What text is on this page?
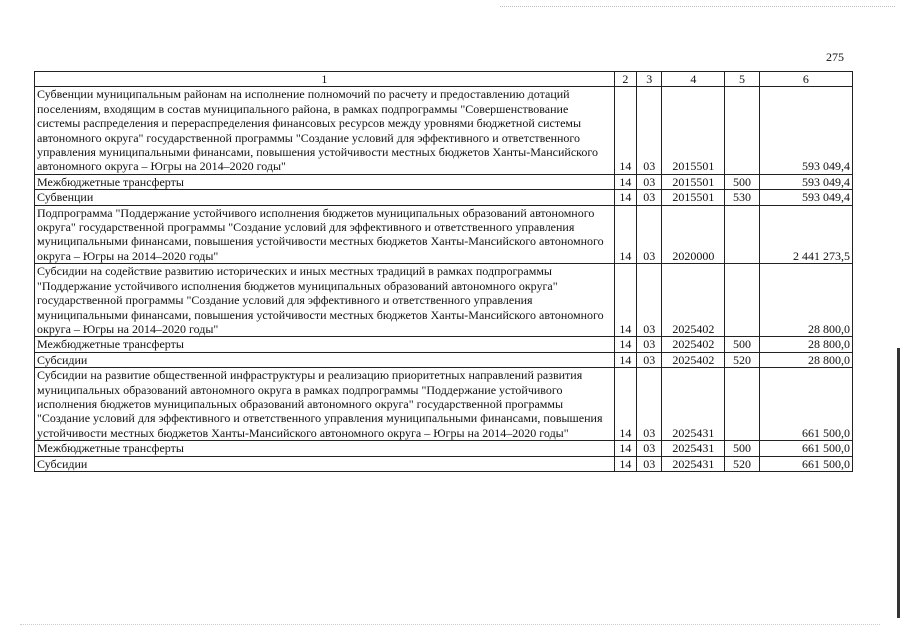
275
1	2	3	4	5	6
Субвенции муниципальным районам на исполнение полномочий по расчету и предоставлению дотаций поселениям, входящим в состав муниципального района, в рамках подпрограммы "Совершенствование системы распределения и перераспределения финансовых ресурсов между уровнями бюджетной системы автономного округа" государственной программы "Создание условий для эффективного и ответственного управления муниципальными финансами, повышения устойчивости местных бюджетов Ханты-Мансийского автономного округа – Югры на 2014–2020 годы"	14	03	2015501		593 049,4
Межбюджетные трансферты	14	03	2015501	500	593 049,4
Субвенции	14	03	2015501	530	593 049,4
Подпрограмма "Поддержание устойчивого исполнения бюджетов муниципальных образований автономного округа" государственной программы "Создание условий для эффективного и ответственного управления муниципальными финансами, повышения устойчивости местных бюджетов Ханты-Мансийского автономного округа – Югры на 2014–2020 годы"	14	03	2020000		2 441 273,5
Субсидии на содействие развитию исторических и иных местных традиций в рамках подпрограммы "Поддержание устойчивого исполнения бюджетов муниципальных образований автономного округа" государственной программы "Создание условий для эффективного и ответственного управления муниципальными финансами, повышения устойчивости местных бюджетов Ханты-Мансийского автономного округа – Югры на 2014–2020 годы"	14	03	2025402		28 800,0
Межбюджетные трансферты	14	03	2025402	500	28 800,0
Субсидии	14	03	2025402	520	28 800,0
Субсидии на развитие общественной инфраструктуры и реализацию приоритетных направлений развития муниципальных образований автономного округа в рамках подпрограммы "Поддержание устойчивого исполнения бюджетов муниципальных образований автономного округа" государственной программы "Создание условий для эффективного и ответственного управления муниципальными финансами, повышения устойчивости местных бюджетов Ханты-Мансийского автономного округа – Югры на 2014–2020 годы"	14	03	2025431		661 500,0
Межбюджетные трансферты	14	03	2025431	500	661 500,0
Субсидии	14	03	2025431	520	661 500,0
